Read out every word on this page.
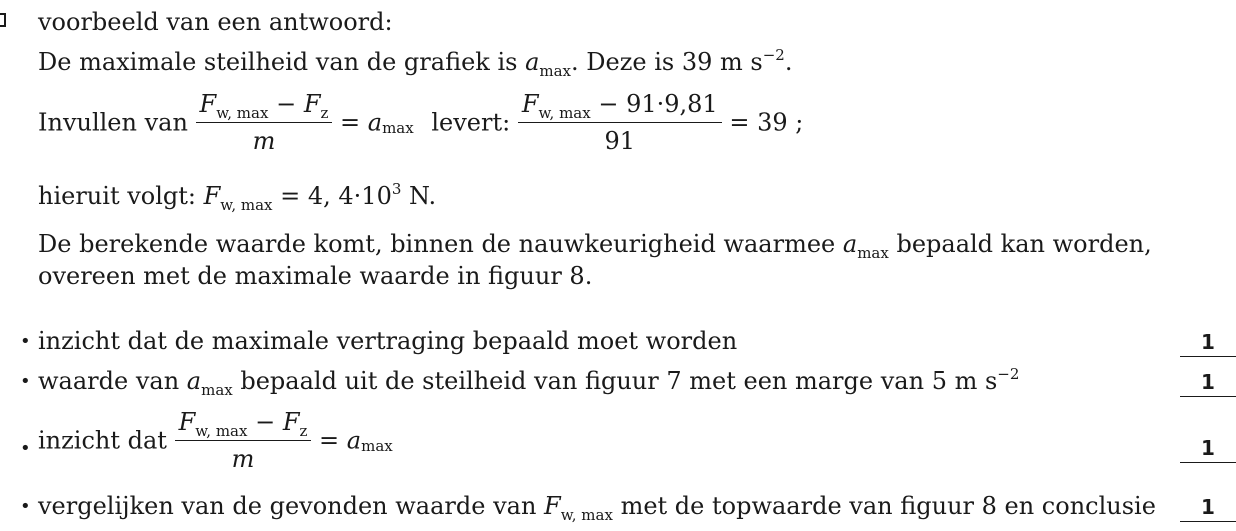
voorbeeld van een antwoord:
De maximale steilheid van de grafiek is $a_{max}$. Deze is 39 m $s^{-2}$.
Invullen van $\frac{F_{w, max} - F_z}{m} = a_{max}$ levert: $\frac{F_{w, max} - 91\cdot 9,81}{91} = 39$ ;
hieruit volgt: $F_{w, max} = 4$, $4\cdot 10^3$ N.
De berekende waarde komt, binnen de nauwkeurigheid waarmee $a_{max}$ bepaald kan worden,
overeen met de maximale waarde in figuur 8.
• inzicht dat de maximale vertraging bepaald moet worden	1
• waarde van $a_{max}$ bepaald uit de steilheid van figuur 7 met een marge van 5 m $s^{-2}$	1
• inzicht dat $\frac{F_{w, max} - F_z}{m} = a_{max}$	1
• vergelijken van de gevonden waarde van $F_{w, max}$ met de topwaarde van figuur 8 en conclusie	1
